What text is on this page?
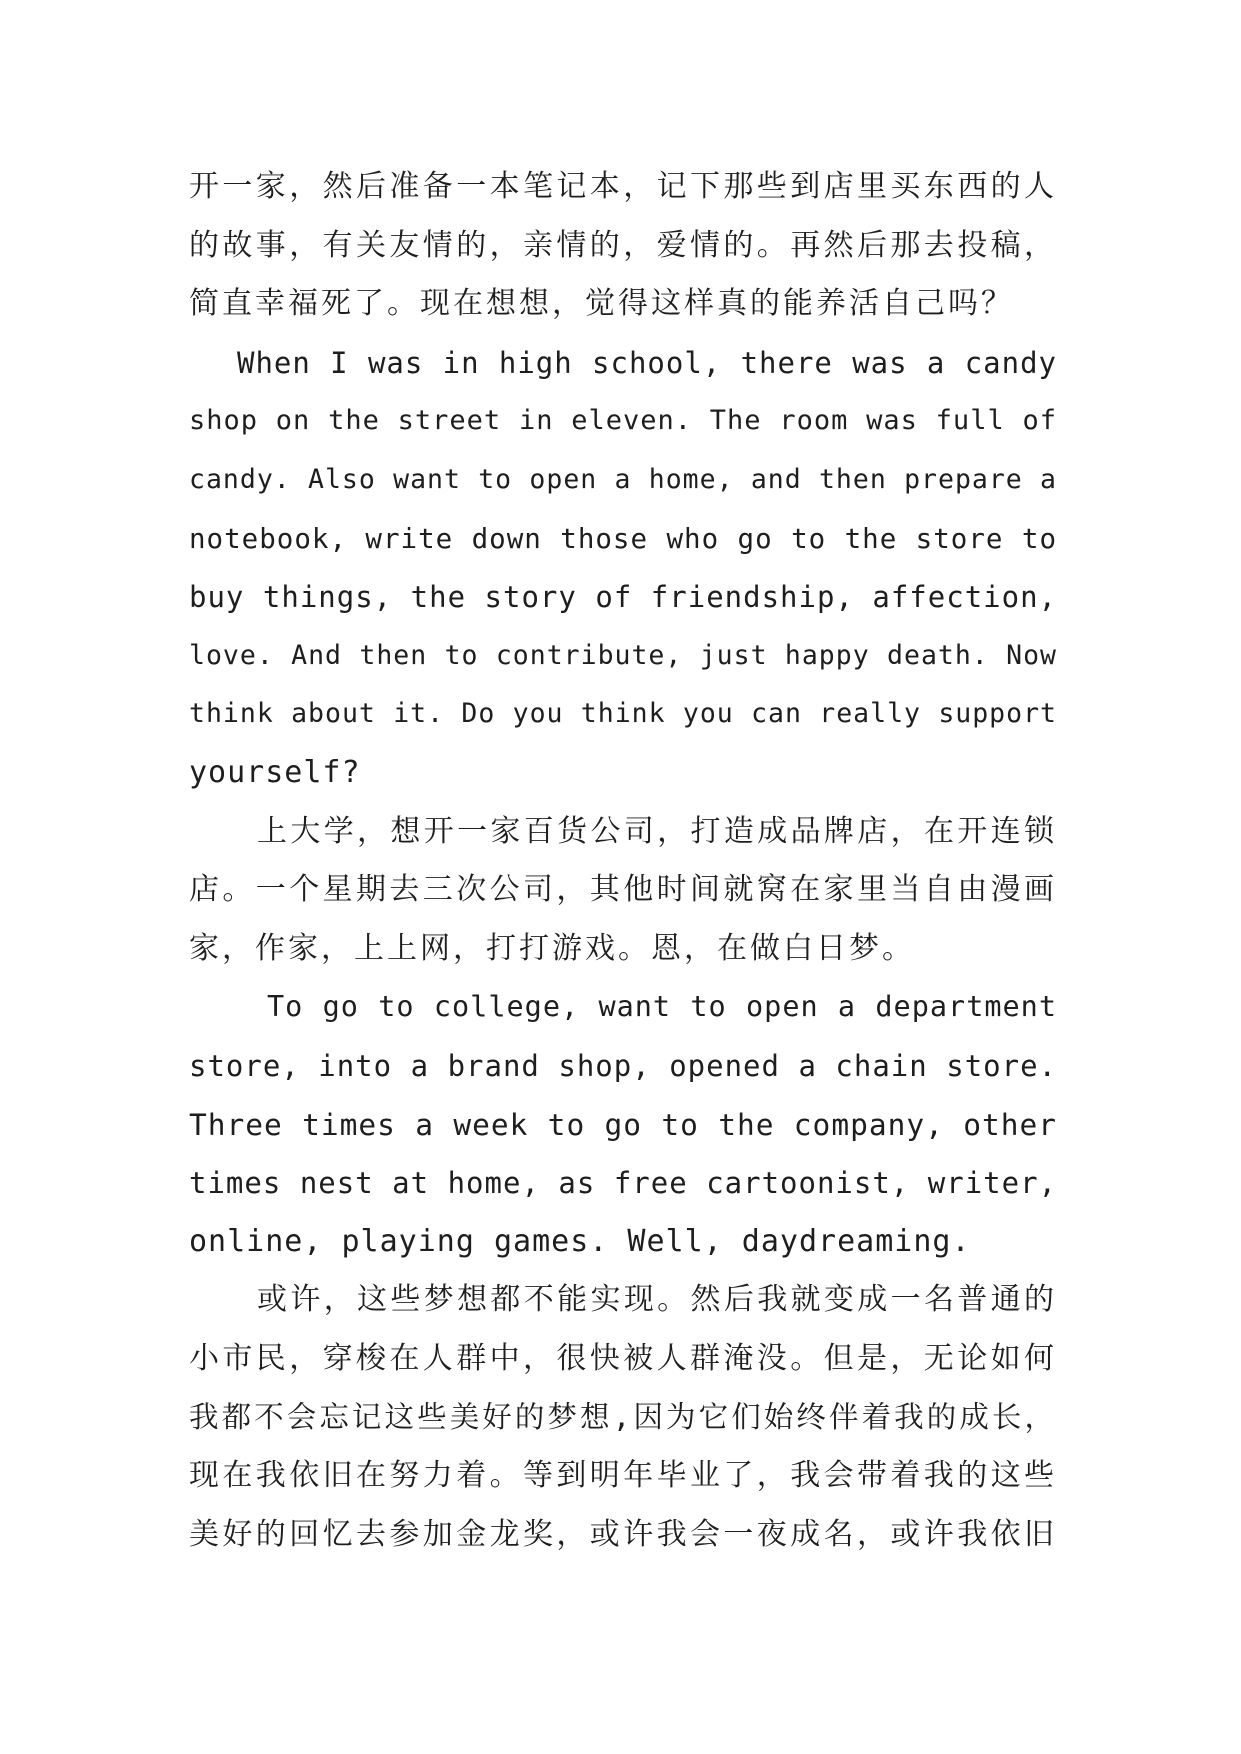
开一家，然后准备一本笔记本，记下那些到店里买东西的人
的故事，有关友情的，亲情的，爱情的。再然后那去投稿，
简直幸福死了。现在想想，觉得这样真的能养活自己吗？

When I was in high school, there was a candy
shop on the street in eleven. The room was full of
candy. Also want to open a home, and then prepare a
notebook, write down those who go to the store to
buy things, the story of friendship, affection,
love. And then to contribute, just happy death. Now
think about it. Do you think you can really support
yourself?

上大学，想开一家百货公司，打造成品牌店，在开连锁
店。一个星期去三次公司，其他时间就窝在家里当自由漫画
家，作家，上上网，打打游戏。恩，在做白日梦。

To go to college, want to open a department
store, into a brand shop, opened a chain store.
Three times a week to go to the company, other
times nest at home, as free cartoonist, writer,
online, playing games. Well, daydreaming.

或许，这些梦想都不能实现。然后我就变成一名普通的
小市民，穿梭在人群中，很快被人群淹没。但是，无论如何
我都不会忘记这些美好的梦想,因为它们始终伴着我的成长，
现在我依旧在努力着。等到明年毕业了，我会带着我的这些
美好的回忆去参加金龙奖，或许我会一夜成名，或许我依旧
